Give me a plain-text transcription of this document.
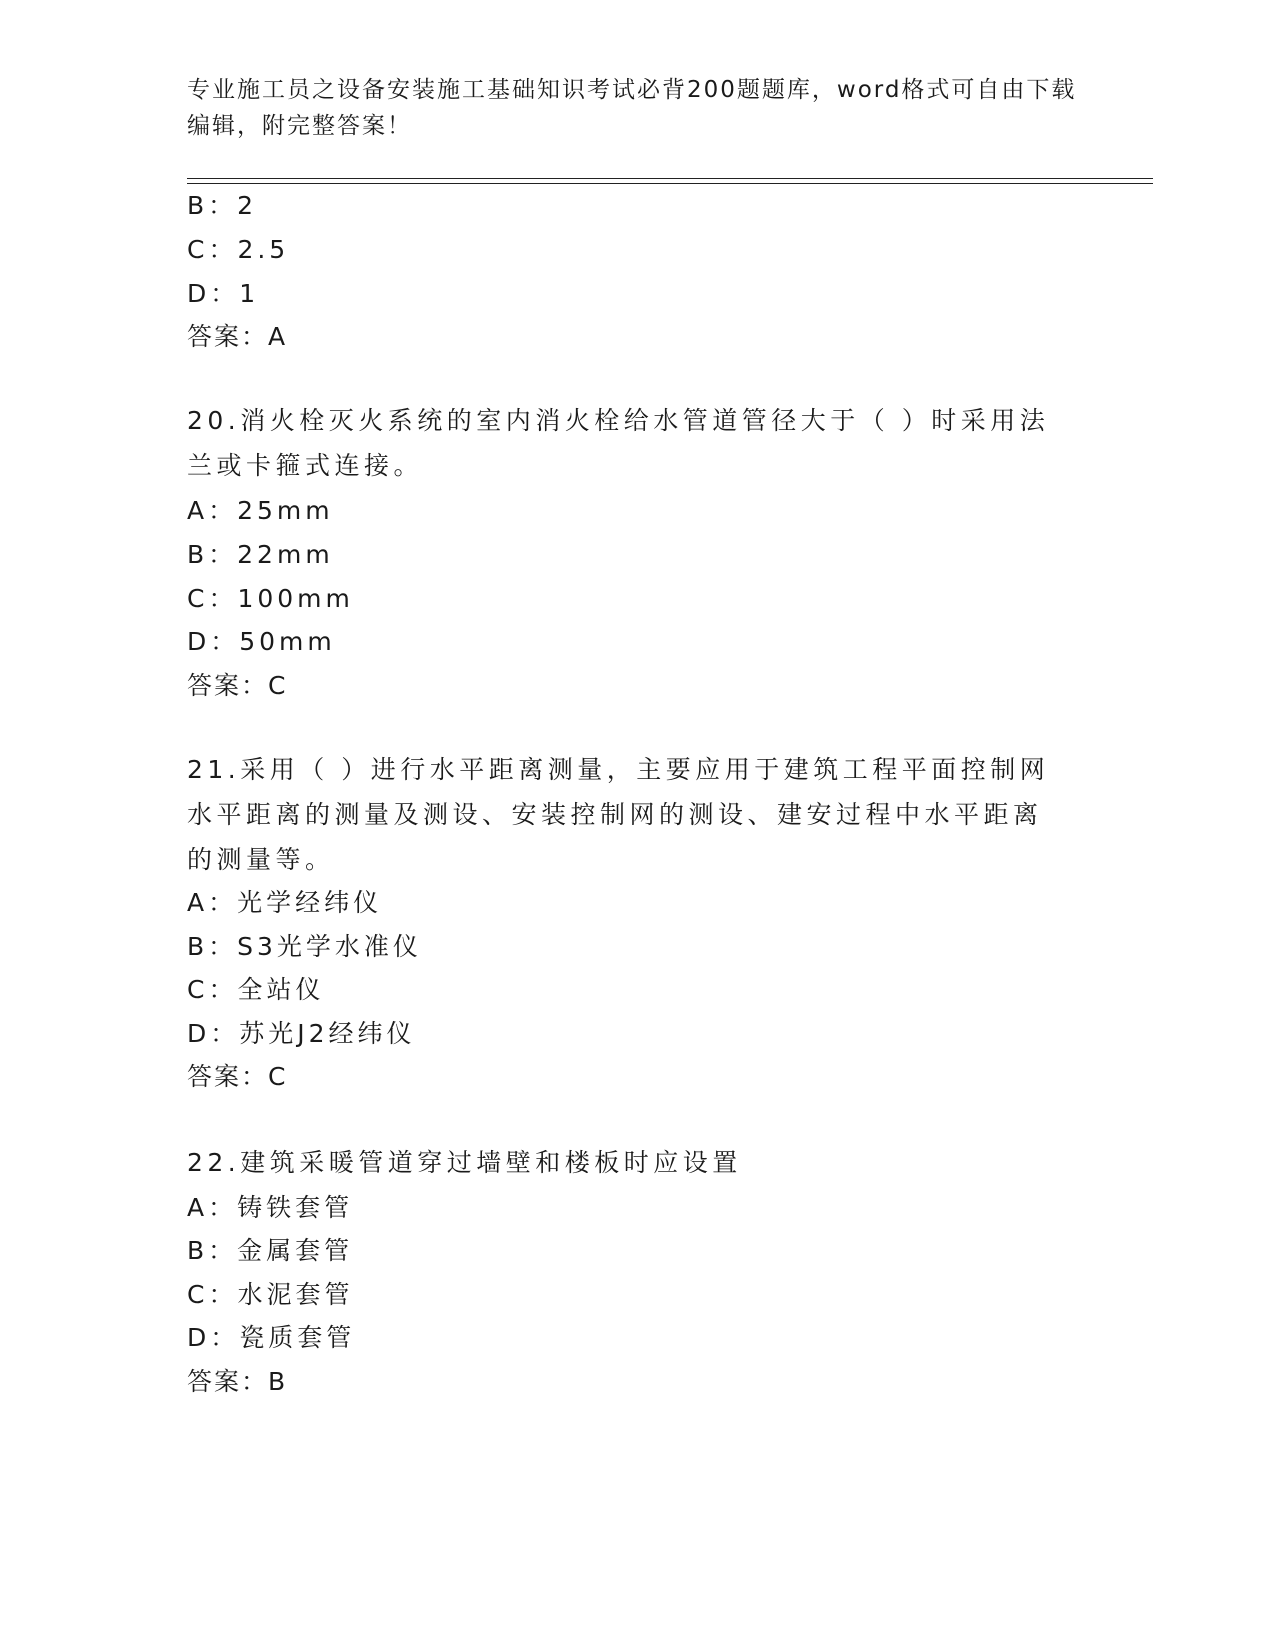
专业施工员之设备安装施工基础知识考试必背200题题库，word格式可自由下载编辑，附完整答案！
B：2
C：2.5
D：1
答案：A
20.消火栓灭火系统的室内消火栓给水管道管径大于（ ）时采用法兰或卡箍式连接。
A：25mm
B：22mm
C：100mm
D：50mm
答案：C
21.采用（ ）进行水平距离测量，主要应用于建筑工程平面控制网水平距离的测量及测设、安装控制网的测设、建安过程中水平距离的测量等。
A：光学经纬仪
B：S3光学水准仪
C：全站仪
D：苏光J2经纬仪
答案：C
22.建筑采暖管道穿过墙壁和楼板时应设置
A：铸铁套管
B：金属套管
C：水泥套管
D：瓷质套管
答案：B
